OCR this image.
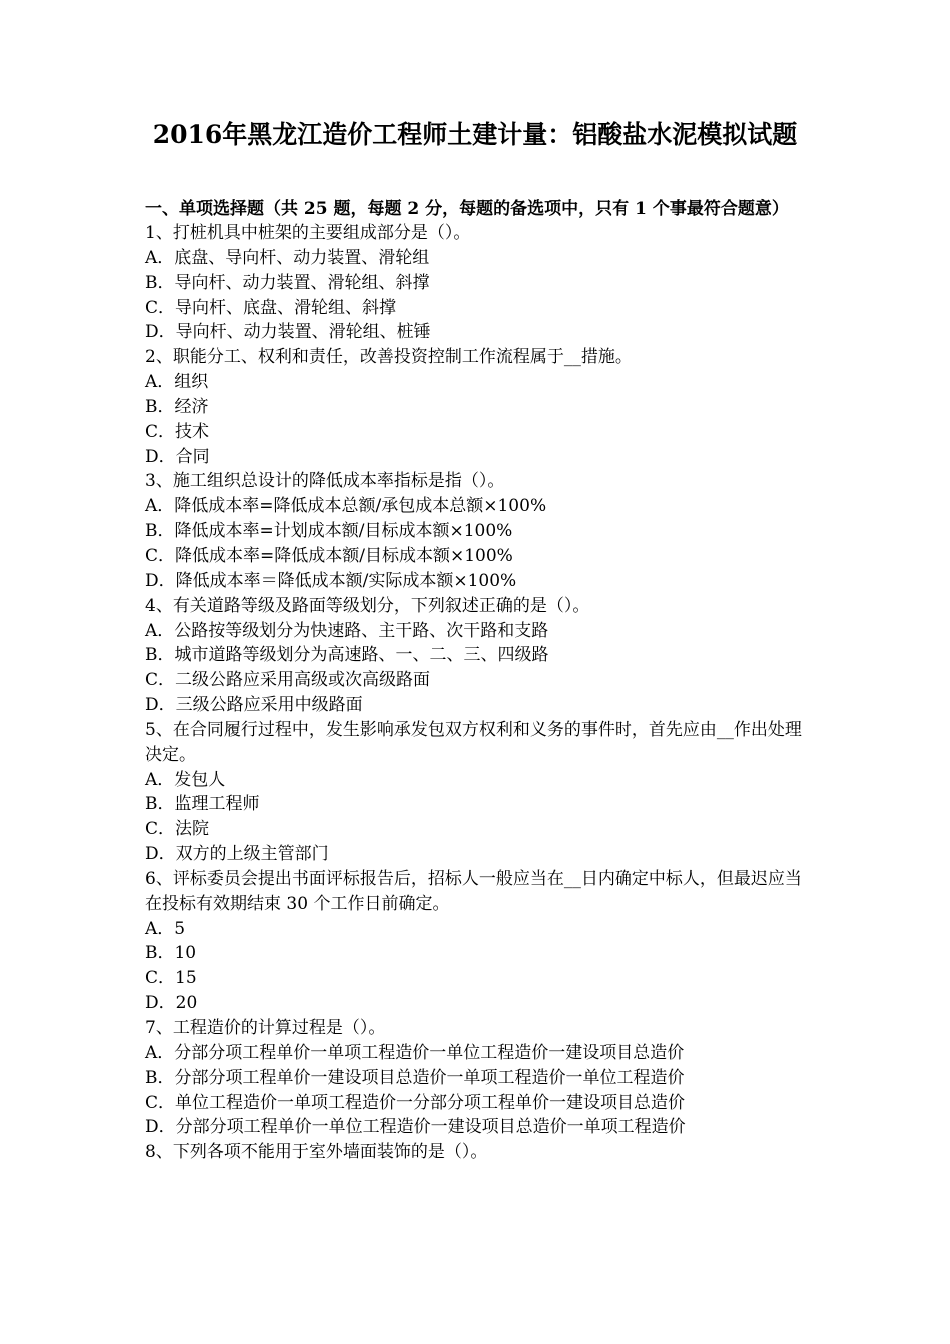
2016年黑龙江造价工程师土建计量：铝酸盐水泥模拟试题
一、单项选择题（共 25 题，每题 2 分，每题的备选项中，只有 1 个事最符合题意）
1、打桩机具中桩架的主要组成部分是（）。
A．底盘、导向杆、动力装置、滑轮组
B．导向杆、动力装置、滑轮组、斜撑
C．导向杆、底盘、滑轮组、斜撑
D．导向杆、动力装置、滑轮组、桩锤
2、职能分工、权利和责任，改善投资控制工作流程属于__措施。
A．组织
B．经济
C．技术
D．合同
3、施工组织总设计的降低成本率指标是指（）。
A．降低成本率=降低成本总额/承包成本总额×100%
B．降低成本率=计划成本额/目标成本额×100%
C．降低成本率=降低成本额/目标成本额×100%
D．降低成本率＝降低成本额/实际成本额×100%
4、有关道路等级及路面等级划分，下列叙述正确的是（）。
A．公路按等级划分为快速路、主干路、次干路和支路
B．城市道路等级划分为高速路、一、二、三、四级路
C．二级公路应采用高级或次高级路面
D．三级公路应采用中级路面
5、在合同履行过程中，发生影响承发包双方权利和义务的事件时，首先应由__作出处理决定。
A．发包人
B．监理工程师
C．法院
D．双方的上级主管部门
6、评标委员会提出书面评标报告后，招标人一般应当在__日内确定中标人，但最迟应当在投标有效期结束 30 个工作日前确定。
A．5
B．10
C．15
D．20
7、工程造价的计算过程是（）。
A．分部分项工程单价一单项工程造价一单位工程造价一建设项目总造价
B．分部分项工程单价一建设项目总造价一单项工程造价一单位工程造价
C．单位工程造价一单项工程造价一分部分项工程单价一建设项目总造价
D．分部分项工程单价一单位工程造价一建设项目总造价一单项工程造价
8、下列各项不能用于室外墙面装饰的是（）。
